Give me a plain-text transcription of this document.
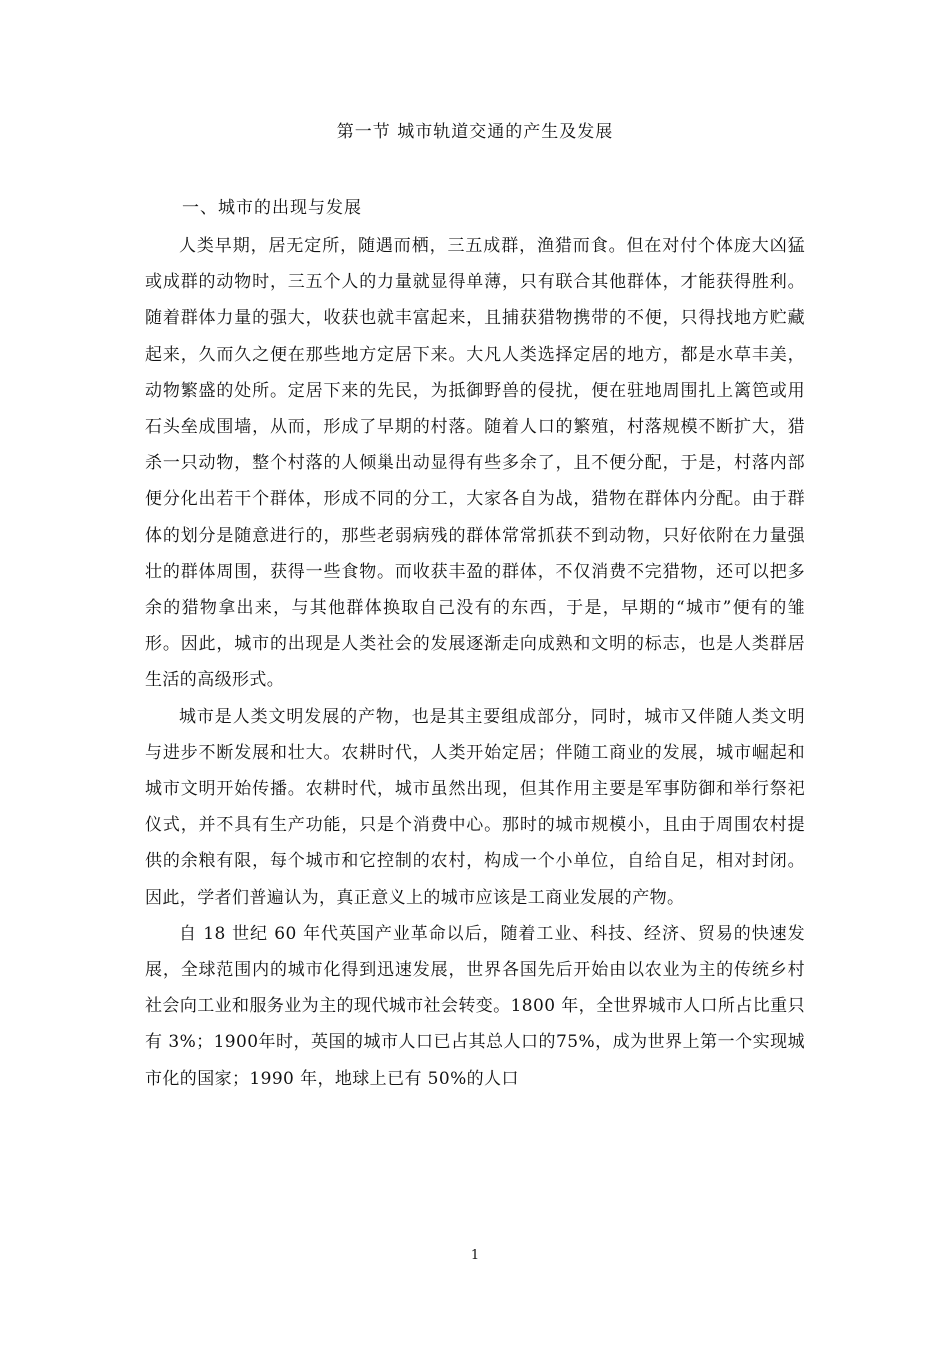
第一节 城市轨道交通的产生及发展
一、城市的出现与发展

人类早期，居无定所，随遇而栖，三五成群，渔猎而食。但在对付个体庞大凶猛或成群的动物时，三五个人的力量就显得单薄，只有联合其他群体，才能获得胜利。随着群体力量的强大，收获也就丰富起来，且捕获猎物携带的不便，只得找地方贮藏起来，久而久之便在那些地方定居下来。大凡人类选择定居的地方，都是水草丰美，动物繁盛的处所。定居下来的先民，为抵御野兽的侵扰，便在驻地周围扎上篱笆或用石头垒成围墙，从而，形成了早期的村落。随着人口的繁殖，村落规模不断扩大，猎杀一只动物，整个村落的人倾巢出动显得有些多余了，且不便分配，于是，村落内部便分化出若干个群体，形成不同的分工，大家各自为战，猎物在群体内分配。由于群体的划分是随意进行的，那些老弱病残的群体常常抓获不到动物，只好依附在力量强壮的群体周围，获得一些食物。而收获丰盈的群体，不仅消费不完猎物，还可以把多余的猎物拿出来，与其他群体换取自己没有的东西，于是，早期的“城市”便有的雏形。因此，城市的出现是人类社会的发展逐渐走向成熟和文明的标志，也是人类群居生活的高级形式。

城市是人类文明发展的产物，也是其主要组成部分，同时，城市又伴随人类文明与进步不断发展和壮大。农耕时代，人类开始定居；伴随工商业的发展，城市崛起和城市文明开始传播。农耕时代，城市虽然出现，但其作用主要是军事防御和举行祭祀仪式，并不具有生产功能，只是个消费中心。那时的城市规模小，且由于周围农村提供的余粮有限，每个城市和它控制的农村，构成一个小单位，自给自足，相对封闭。因此，学者们普遍认为，真正意义上的城市应该是工商业发展的产物。

自 18 世纪 60 年代英国产业革命以后，随着工业、科技、经济、贸易的快速发展，全球范围内的城市化得到迅速发展，世界各国先后开始由以农业为主的传统乡村社会向工业和服务业为主的现代城市社会转变。1800 年，全世界城市人口所占比重只有 3%；1900年时，英国的城市人口已占其总人口的75%，成为世界上第一个实现城市化的国家；1990 年，地球上已有 50%的人口

1
